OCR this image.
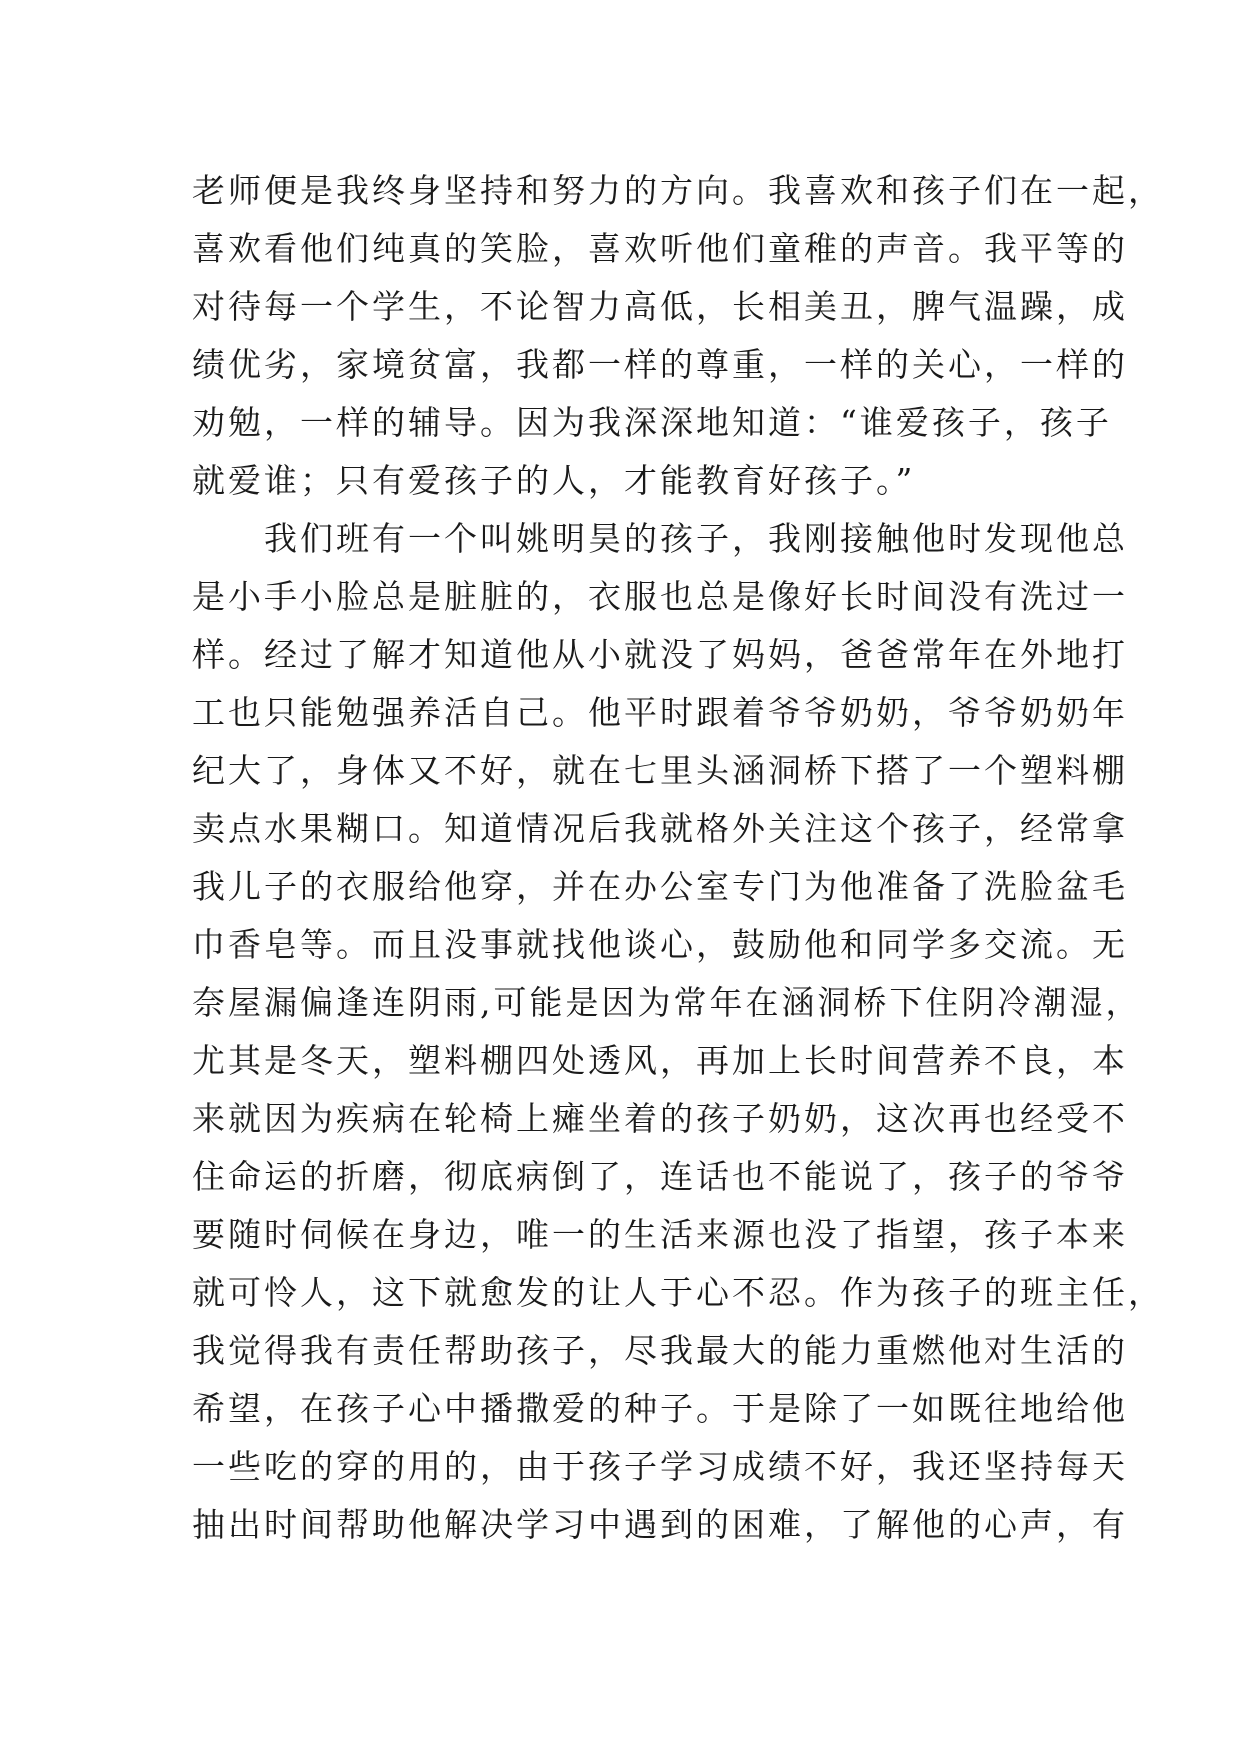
老师便是我终身坚持和努力的方向。我喜欢和孩子们在一起，
喜欢看他们纯真的笑脸，喜欢听他们童稚的声音。我平等的
对待每一个学生，不论智力高低，长相美丑，脾气温躁，成
绩优劣，家境贫富，我都一样的尊重，一样的关心，一样的
劝勉，一样的辅导。因为我深深地知道：“谁爱孩子，孩子
就爱谁；只有爱孩子的人，才能教育好孩子。”
　　我们班有一个叫姚明昊的孩子，我刚接触他时发现他总
是小手小脸总是脏脏的，衣服也总是像好长时间没有洗过一
样。经过了解才知道他从小就没了妈妈，爸爸常年在外地打
工也只能勉强养活自己。他平时跟着爷爷奶奶，爷爷奶奶年
纪大了，身体又不好，就在七里头涵洞桥下搭了一个塑料棚
卖点水果糊口。知道情况后我就格外关注这个孩子，经常拿
我儿子的衣服给他穿，并在办公室专门为他准备了洗脸盆毛
巾香皂等。而且没事就找他谈心，鼓励他和同学多交流。无
奈屋漏偏逢连阴雨,可能是因为常年在涵洞桥下住阴冷潮湿，
尤其是冬天，塑料棚四处透风，再加上长时间营养不良，本
来就因为疾病在轮椅上瘫坐着的孩子奶奶，这次再也经受不
住命运的折磨，彻底病倒了，连话也不能说了，孩子的爷爷
要随时伺候在身边，唯一的生活来源也没了指望，孩子本来
就可怜人，这下就愈发的让人于心不忍。作为孩子的班主任，
我觉得我有责任帮助孩子，尽我最大的能力重燃他对生活的
希望，在孩子心中播撒爱的种子。于是除了一如既往地给他
一些吃的穿的用的，由于孩子学习成绩不好，我还坚持每天
抽出时间帮助他解决学习中遇到的困难，了解他的心声，有
